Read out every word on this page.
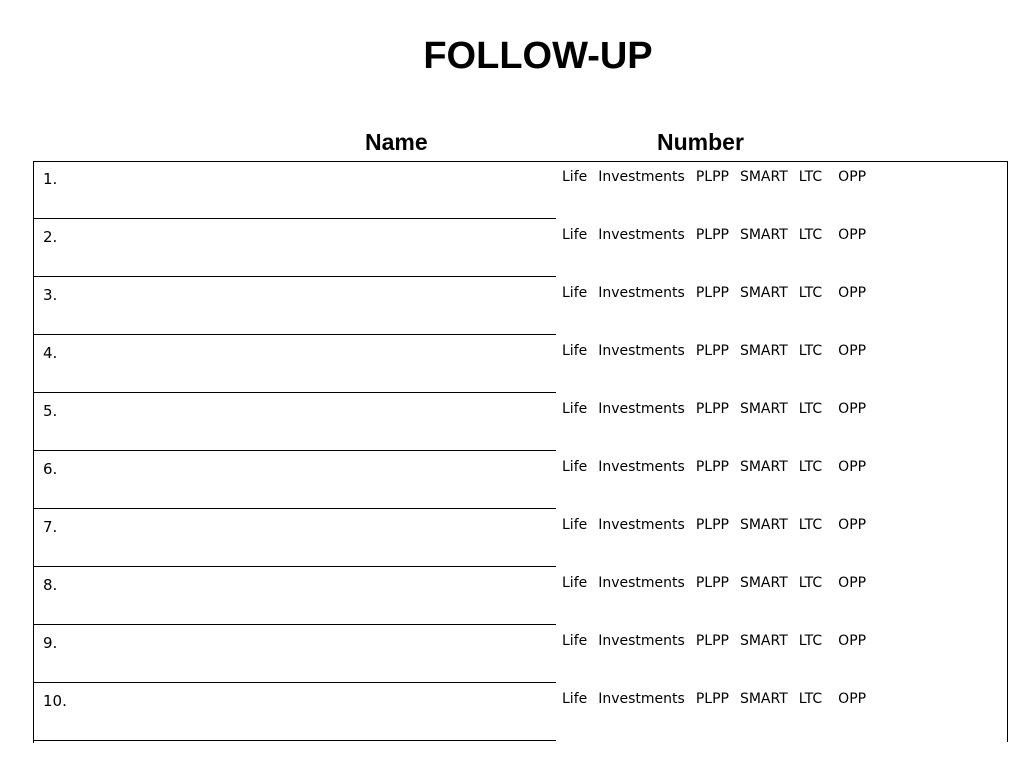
FOLLOW-UP
Name	Number
1.	Life Investments PLPP SMART LTC OPP
2.	Life Investments PLPP SMART LTC OPP
3.	Life Investments PLPP SMART LTC OPP
4.	Life Investments PLPP SMART LTC OPP
5.	Life Investments PLPP SMART LTC OPP
6.	Life Investments PLPP SMART LTC OPP
7.	Life Investments PLPP SMART LTC OPP
8.	Life Investments PLPP SMART LTC OPP
9.	Life Investments PLPP SMART LTC OPP
10.	Life Investments PLPP SMART LTC OPP
